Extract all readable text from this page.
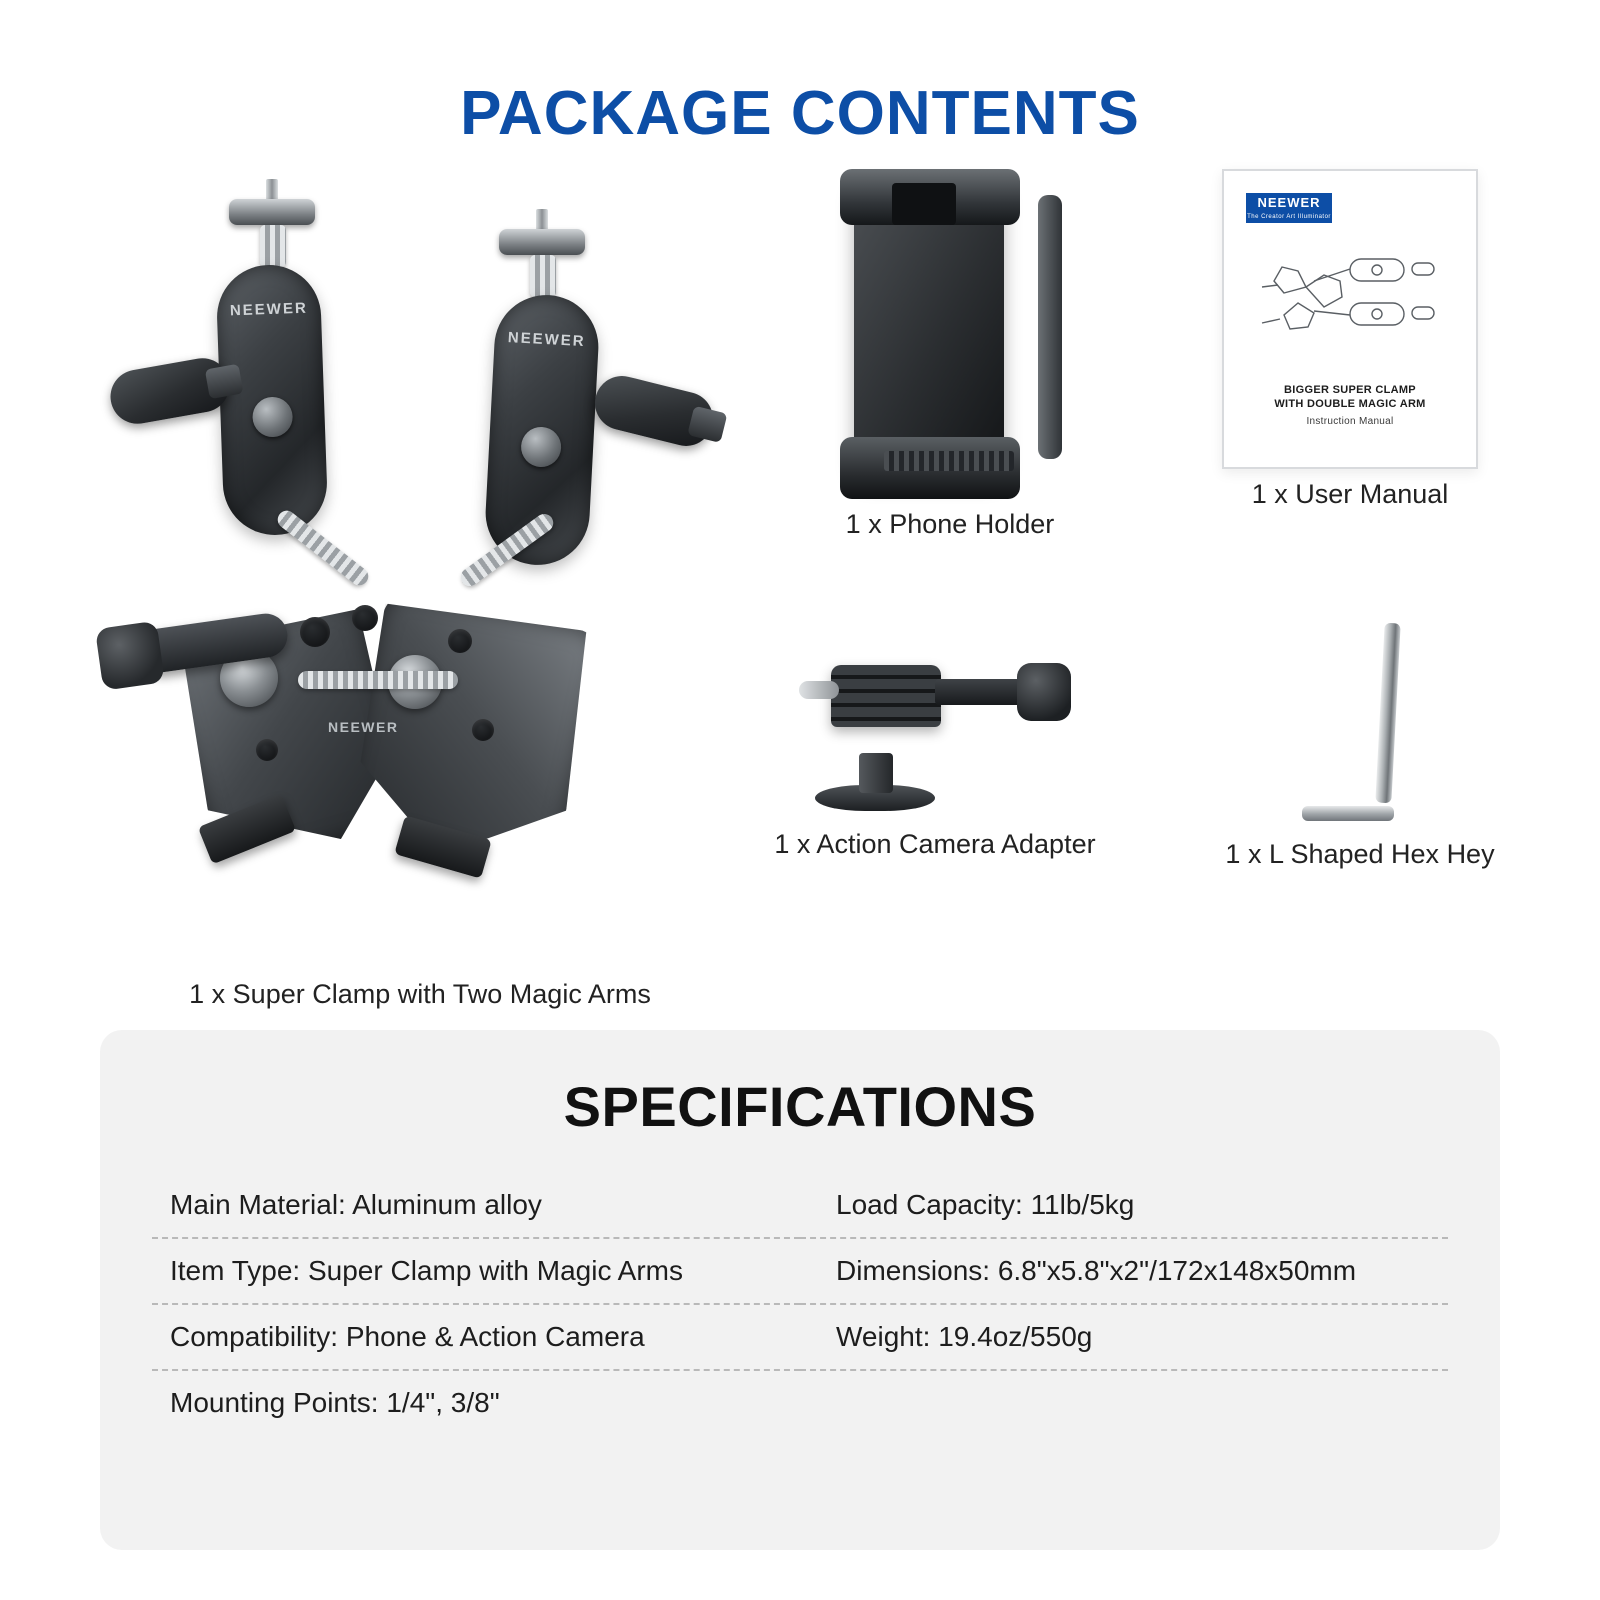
PACKAGE CONTENTS
NEEWER
NEEWER
NEEWER
1 x Super Clamp with Two Magic Arms
1 x Phone Holder
NEEWER
The Creator Art Illuminator
BIGGER SUPER CLAMP
WITH DOUBLE MAGIC ARM
Instruction Manual
1 x User Manual
1 x Action Camera Adapter	1 x L Shaped Hex Hey
SPECIFICATIONS
Main Material: Aluminum alloy
Item Type: Super Clamp with Magic Arms
Compatibility: Phone & Action Camera
Mounting Points: 1/4", 3/8"
Load Capacity: 11lb/5kg
Dimensions: 6.8"x5.8"x2"/172x148x50mm
Weight: 19.4oz/550g
